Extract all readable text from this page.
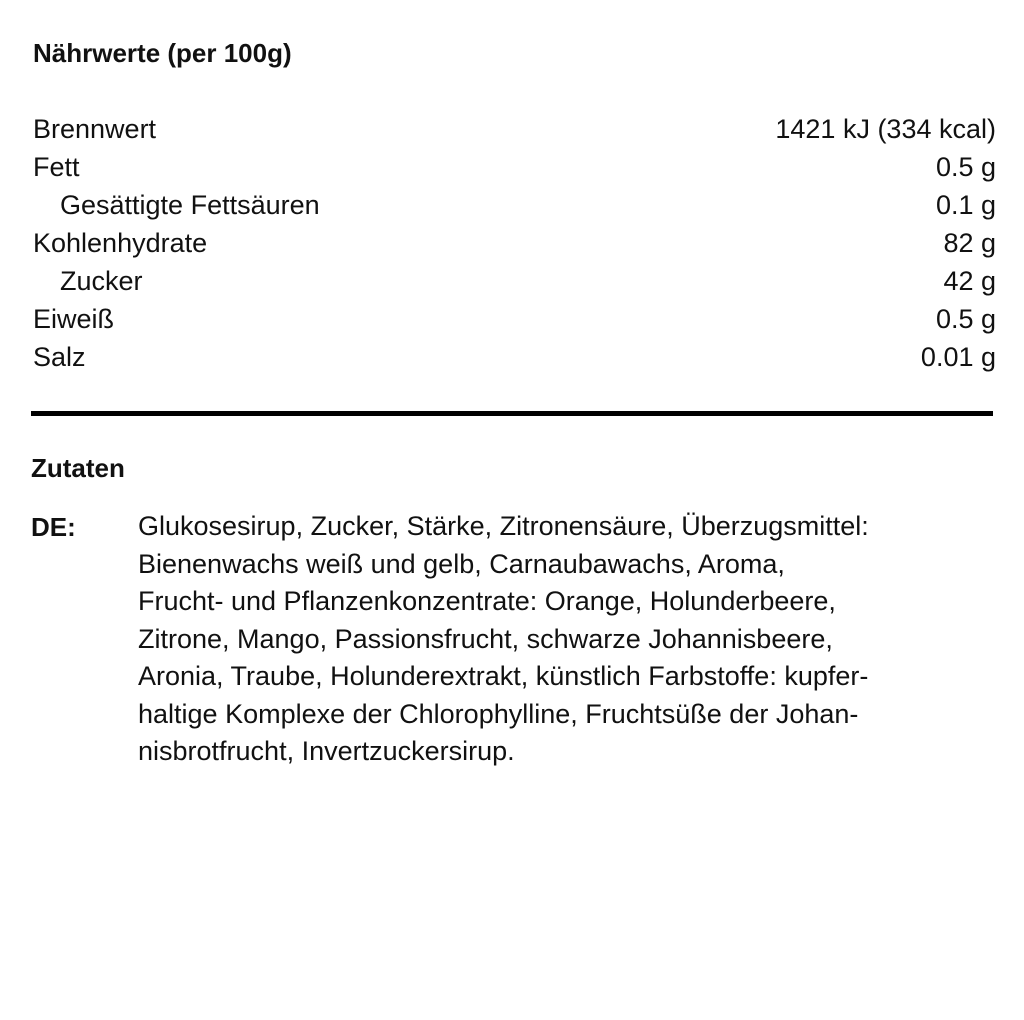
Nährwerte (per 100g)
Brennwert	1421 kJ (334 kcal)
Fett	0.5 g
Gesättigte Fettsäuren	0.1 g
Kohlenhydrate	82 g
Zucker	42 g
Eiweiß	0.5 g
Salz	0.01 g
Zutaten
DE:	Glukosesirup, Zucker, Stärke, Zitronensäure, Überzugsmittel:
Bienenwachs weiß und gelb, Carnaubawachs, Aroma,
Frucht- und Pflanzenkonzentrate: Orange, Holunderbeere,
Zitrone, Mango, Passionsfrucht, schwarze Johannisbeere,
Aronia, Traube, Holunderextrakt, künstlich Farbstoffe: kupfer-
haltige Komplexe der Chlorophylline, Fruchtsüße der Johan-
nisbrotfrucht, Invertzuckersirup.
